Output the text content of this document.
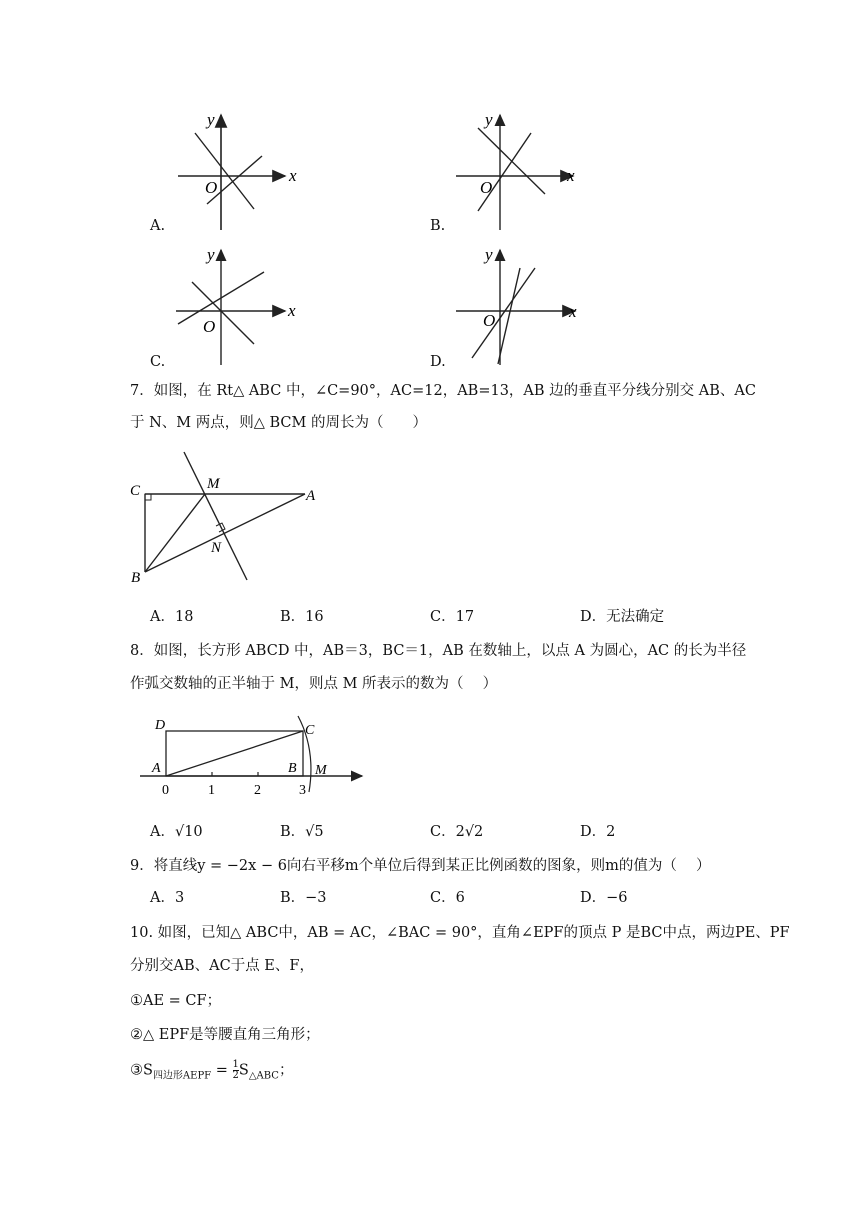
x
y
O
A.
x
y
O
B.
x
y
O
C.
x
y
O
D.
7．如图，在 Rt△ ABC 中，∠C=90°，AC=12，AB=13，AB 边的垂直平分线分别交 AB、AC
于 N、M 两点，则△ BCM 的周长为（　　）
C	M
A
N
B
A．18	B．16	C．17	D．无法确定
8．如图，长方形 ABCD 中，AB＝3，BC＝1，AB 在数轴上，以点 A 为圆心，AC 的长为半径
作弧交数轴的正半轴于 M，则点 M 所表示的数为（　 ）
D	C
A	B M
0	1	2	3
A．√10	B．√5	C．2√2	D．2
9．将直线y = −2x − 6向右平移m个单位后得到某正比例函数的图象，则m的值为（　 ）
A．3	B．−3	C．6	D．−6
10. 如图，已知△ ABC中，AB = AC，∠BAC = 90°，直角∠EPF的顶点 P 是BC中点，两边PE、PF
分别交AB、AC于点 E、F，
①AE = CF；
②△ EPF是等腰直角三角形；
$③S_{四边形AEPF} = \frac{1}{2} S_{\triangle ABC}$；
